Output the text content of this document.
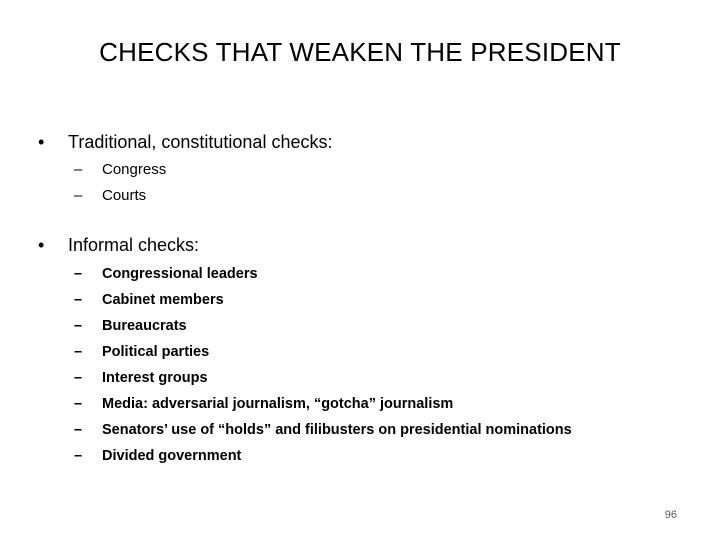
CHECKS THAT WEAKEN THE PRESIDENT
• Traditional, constitutional checks:
– Congress
– Courts
• Informal checks:
– Congressional leaders
– Cabinet members
– Bureaucrats
– Political parties
– Interest groups
– Media: adversarial journalism, “gotcha” journalism
– Senators’ use of “holds” and filibusters on presidential nominations
– Divided government
96
